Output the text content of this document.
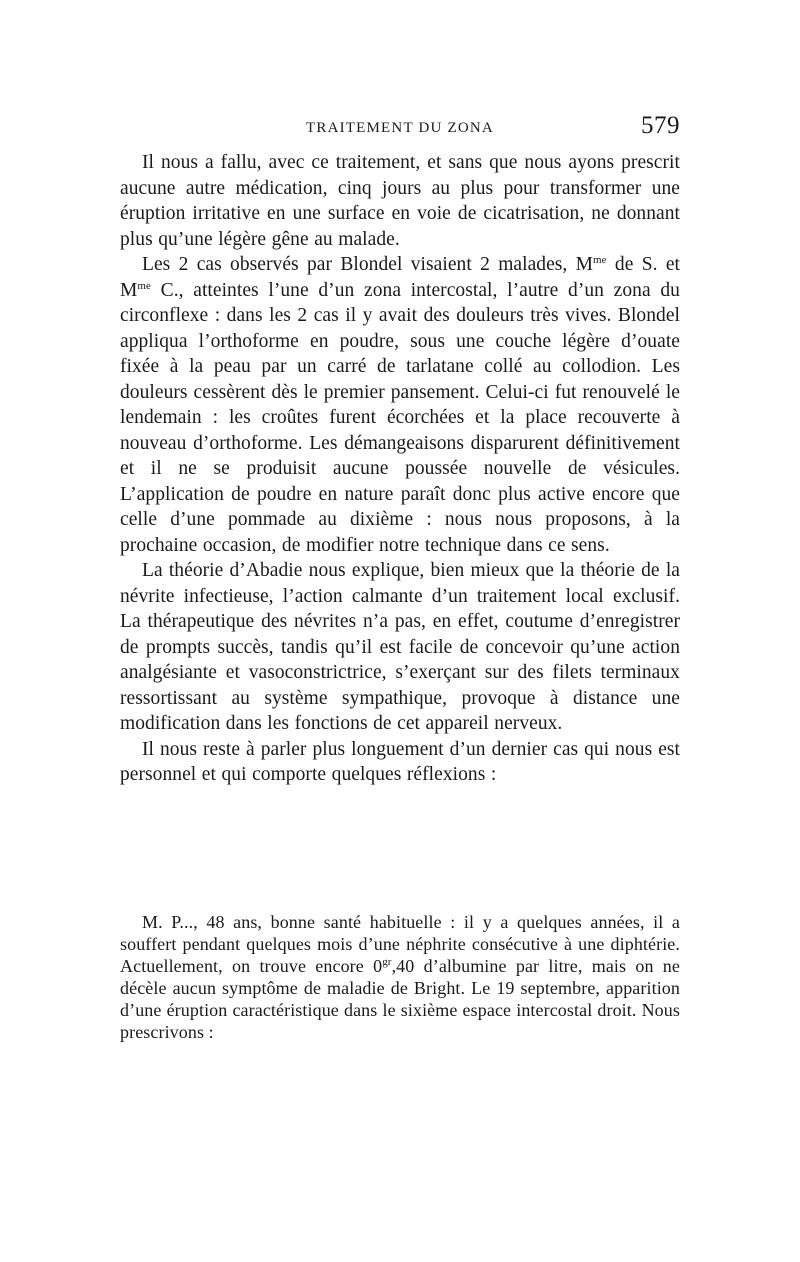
TRAITEMENT DU ZONA	579

Il nous a fallu, avec ce traitement, et sans que nous ayons prescrit aucune autre médication, cinq jours au plus pour transformer une éruption irritative en une surface en voie de cicatrisation, ne donnant plus qu’une légère gêne au malade.

Les 2 cas observés par Blondel visaient 2 malades, $M^{me}$ de S. et $M^{me}$ C., atteintes l’une d’un zona intercostal, l’autre d’un zona du circonflexe : dans les 2 cas il y avait des douleurs très vives. Blondel appliqua l’orthoforme en poudre, sous une couche légère d’ouate fixée à la peau par un carré de tarlatane collé au collodion. Les douleurs cessèrent dès le premier pansement. Celui-ci fut renouvelé le lendemain : les croûtes furent écorchées et la place recouverte à nouveau d’orthoforme. Les démangeaisons disparurent définitivement et il ne se produisit aucune poussée nouvelle de vésicules. L’application de poudre en nature paraît donc plus active encore que celle d’une pommade au dixième : nous nous proposons, à la prochaine occasion, de modifier notre technique dans ce sens.

La théorie d’Abadie nous explique, bien mieux que la théorie de la névrite infectieuse, l’action calmante d’un traitement local exclusif. La thérapeutique des névrites n’a pas, en effet, coutume d’enregistrer de prompts succès, tandis qu’il est facile de concevoir qu’une action analgésiante et vasoconstrictrice, s’exerçant sur des filets terminaux ressortissant au système sympathique, provoque à distance une modification dans les fonctions de cet appareil nerveux.

Il nous reste à parler plus longuement d’un dernier cas qui nous est personnel et qui comporte quelques réflexions :

M. P..., 48 ans, bonne santé habituelle : il y a quelques années, il a souffert pendant quelques mois d’une néphrite consécutive à une diphtérie. Actuellement, on trouve encore $0^{gr},40$ d’albumine par litre, mais on ne décèle aucun symptôme de maladie de Bright. Le 19 septembre, apparition d’une éruption caractéristique dans le sixième espace intercostal droit. Nous prescrivons :
